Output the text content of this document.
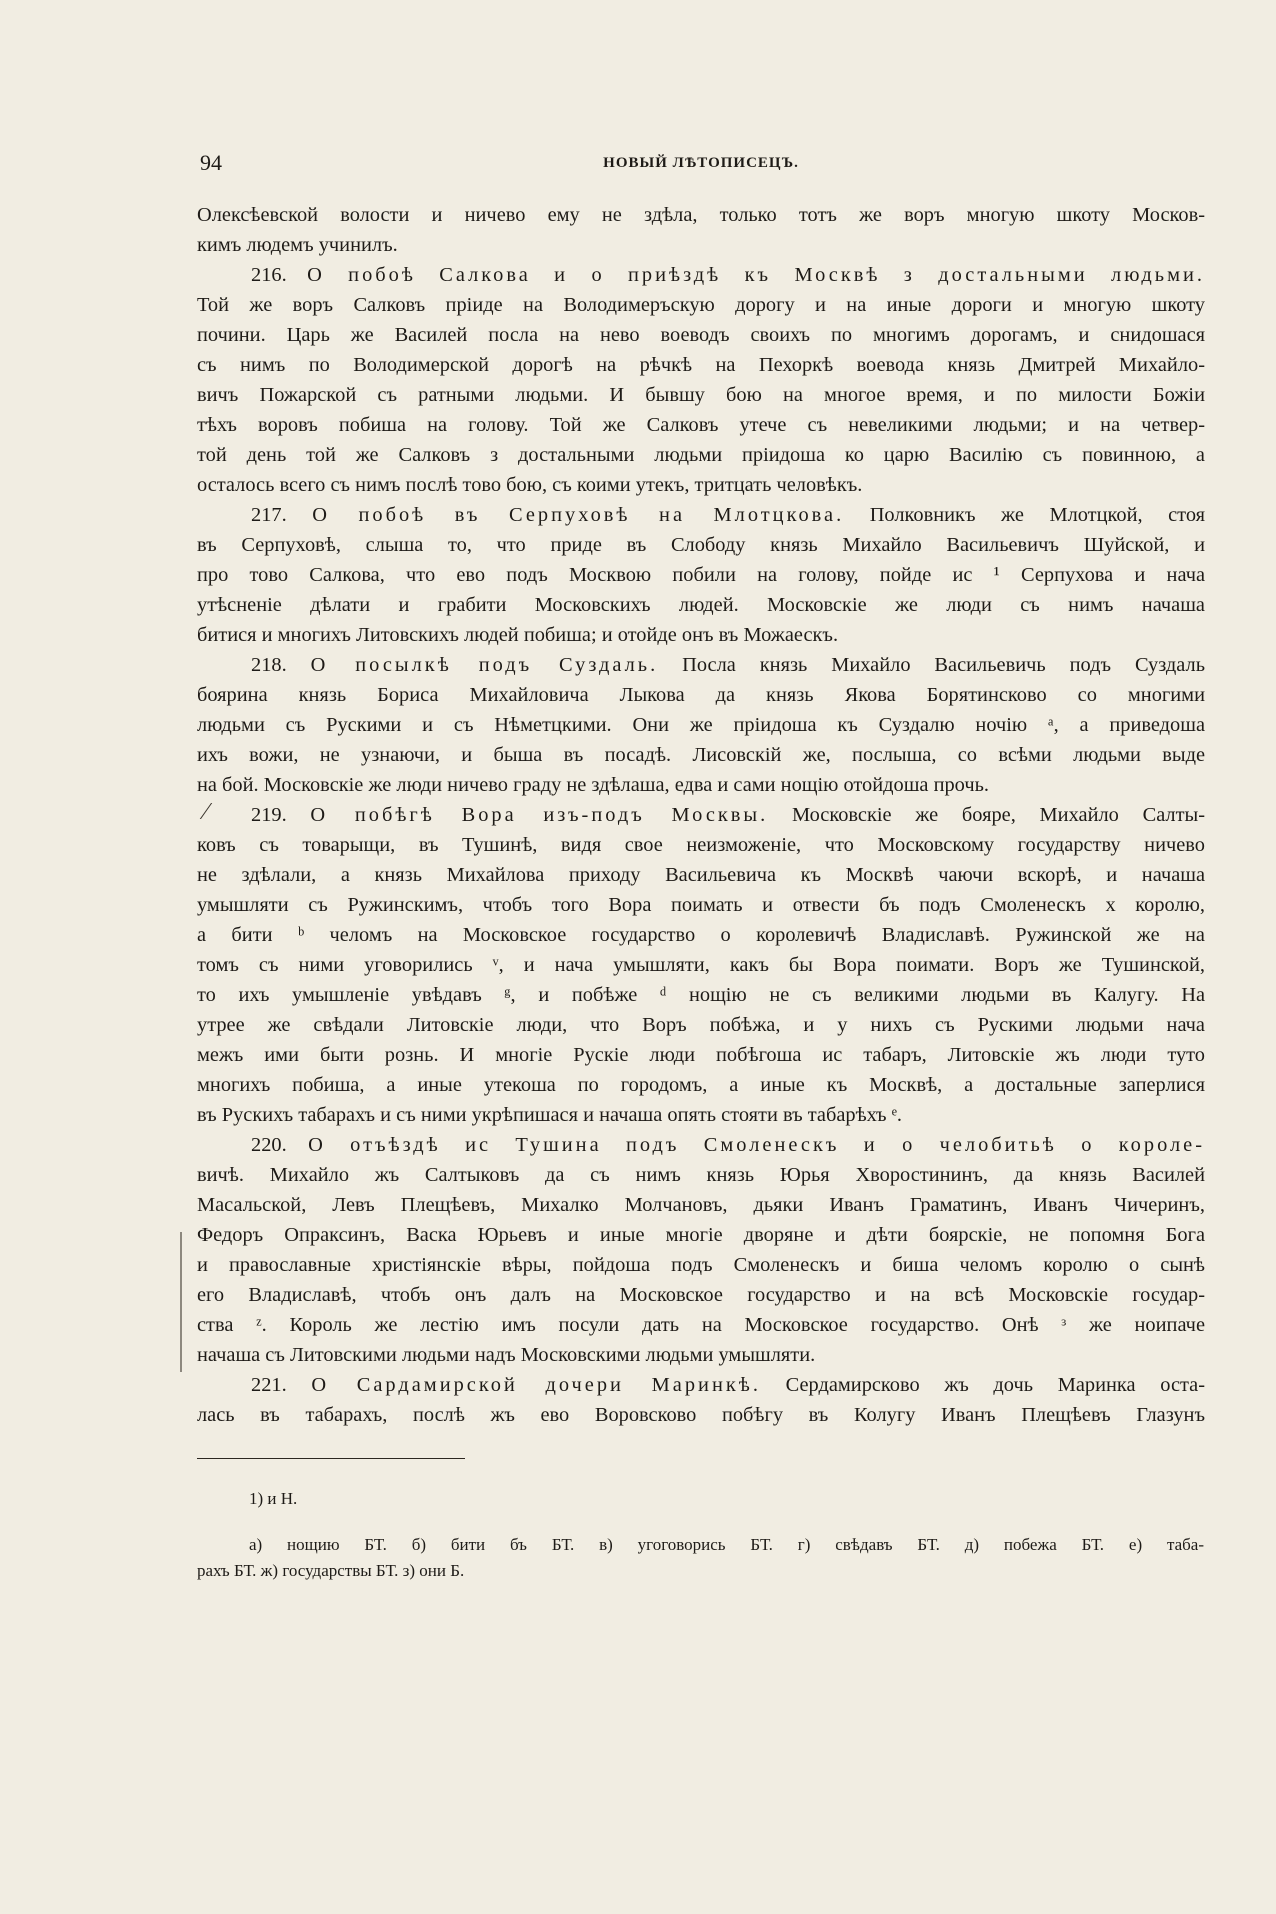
94	НОВЫЙ ЛѢТОПИСЕЦЪ.
Олексѣевской волости и ничево ему не здѣла, только тотъ же воръ многую шкоту Москов-
кимъ людемъ учинилъ.
216. О побоѣ Салкова и о приѣздѣ къ Москвѣ з достальными людьми.
Той же воръ Салковъ пріиде на Володимеръскую дорогу и на иные дороги и многую шкоту
почини. Царь же Василей посла на нево воеводъ своихъ по многимъ дорогамъ, и снидошася
съ нимъ по Володимерской дорогѣ на рѣчкѣ на Пехоркѣ воевода князь Дмитрей Михайло-
вичъ Пожарской съ ратными людьми. И бывшу бою на многое время, и по милости Божіи
тѣхъ воровъ побиша на голову. Той же Салковъ утече съ невеликими людьми; и на четвер-
той день той же Салковъ з достальными людьми пріидоша ко царю Василію съ повинною, а
осталось всего съ нимъ послѣ тово бою, съ коими утекъ, тритцать человѣкъ.
217. О побоѣ въ Серпуховѣ на Млотцкова. Полковникъ же Млотцкой, стоя
въ Серпуховѣ, слыша то, что приде въ Слободу князь Михайло Васильевичъ Шуйской, и
про тово Салкова, что ево подъ Москвою побили на голову, пойде ис ¹ Серпухова и нача
утѣсненіе дѣлати и грабити Московскихъ людей. Московскіе же люди съ нимъ начаша
битися и многихъ Литовскихъ людей побиша; и отойде онъ въ Можаескъ.
218. О посылкѣ подъ Суздаль. Посла князь Михайло Васильевичь подъ Суздаль
боярина князь Бориса Михайловича Лыкова да князь Якова Борятинсково со многими
людьми съ Рускими и съ Нѣметцкими. Они же пріидоша къ Суздалю ночію ᵃ, а приведоша
ихъ вожи, не узнаючи, и быша въ посадѣ. Лисовскій же, послыша, со всѣми людьми выде
на бой. Московскіе же люди ничево граду не здѣлаша, едва и сами нощію отойдоша прочь.
219. О побѣгѣ Вора изъ-подъ Москвы. Московскіе же бояре, Михайло Салты-
ковъ съ товарыщи, въ Тушинѣ, видя свое неизможеніе, что Московскому государству ничево
не здѣлали, а князь Михайлова приходу Васильевича къ Москвѣ чаючи вскорѣ, и начаша
умышляти съ Ружинскимъ, чтобъ того Вора поимать и отвести бъ подъ Смоленескъ х королю,
а бити ᵇ челомъ на Московское государство о королевичѣ Владиславѣ. Ружинской же на
томъ съ ними уговорились ᵛ, и нача умышляти, какъ бы Вора поимати. Воръ же Тушинской,
то ихъ умышленіе увѣдавъ ᵍ, и побѣже ᵈ нощію не съ великими людьми въ Калугу. На
утрее же свѣдали Литовскіе люди, что Воръ побѣжа, и у нихъ съ Рускими людьми нача
межъ ими быти рознь. И многіе Рускіе люди побѣгоша ис табаръ, Литовскіе жъ люди туто
многихъ побиша, а иные утекоша по городомъ, а иные къ Москвѣ, а достальные заперлися
въ Рускихъ табарахъ и съ ними укрѣпишася и начаша опять стояти въ табарѣхъ ᵉ.
220. О отъѣздѣ ис Тушина подъ Смоленескъ и о челобитьѣ о короле-
вичѣ. Михайло жъ Салтыковъ да съ нимъ князь Юрья Хворостининъ, да князь Василей
Масальской, Левъ Плещѣевъ, Михалко Молчановъ, дьяки Иванъ Граматинъ, Иванъ Чичеринъ,
Федоръ Опраксинъ, Васка Юрьевъ и иные многіе дворяне и дѣти боярскіе, не попомня Бога
и православные христіянскіе вѣры, пойдоша подъ Смоленескъ и биша челомъ королю о сынѣ
его Владиславѣ, чтобъ онъ далъ на Московское государство и на всѣ Московскіе государ-
ства ᶻ. Король же лестію имъ посули дать на Московское государство. Онѣ ᶟ же ноипаче
начаша съ Литовскими людьми надъ Московскими людьми умышляти.
221. О Сардамирской дочери Маринкѣ. Сердамирсково жъ дочь Маринка оста-
лась въ табарахъ, послѣ жъ ево Воровсково побѣгу въ Колугу Иванъ Плещѣевъ Глазунъ
⁄
1) и Н.
а) нощию БТ. б) бити бъ БТ. в) угоговорись БТ. г) свѣдавъ БТ. д) побежа БТ. е) таба-
рахъ БТ. ж) государствы БТ. з) они Б.
